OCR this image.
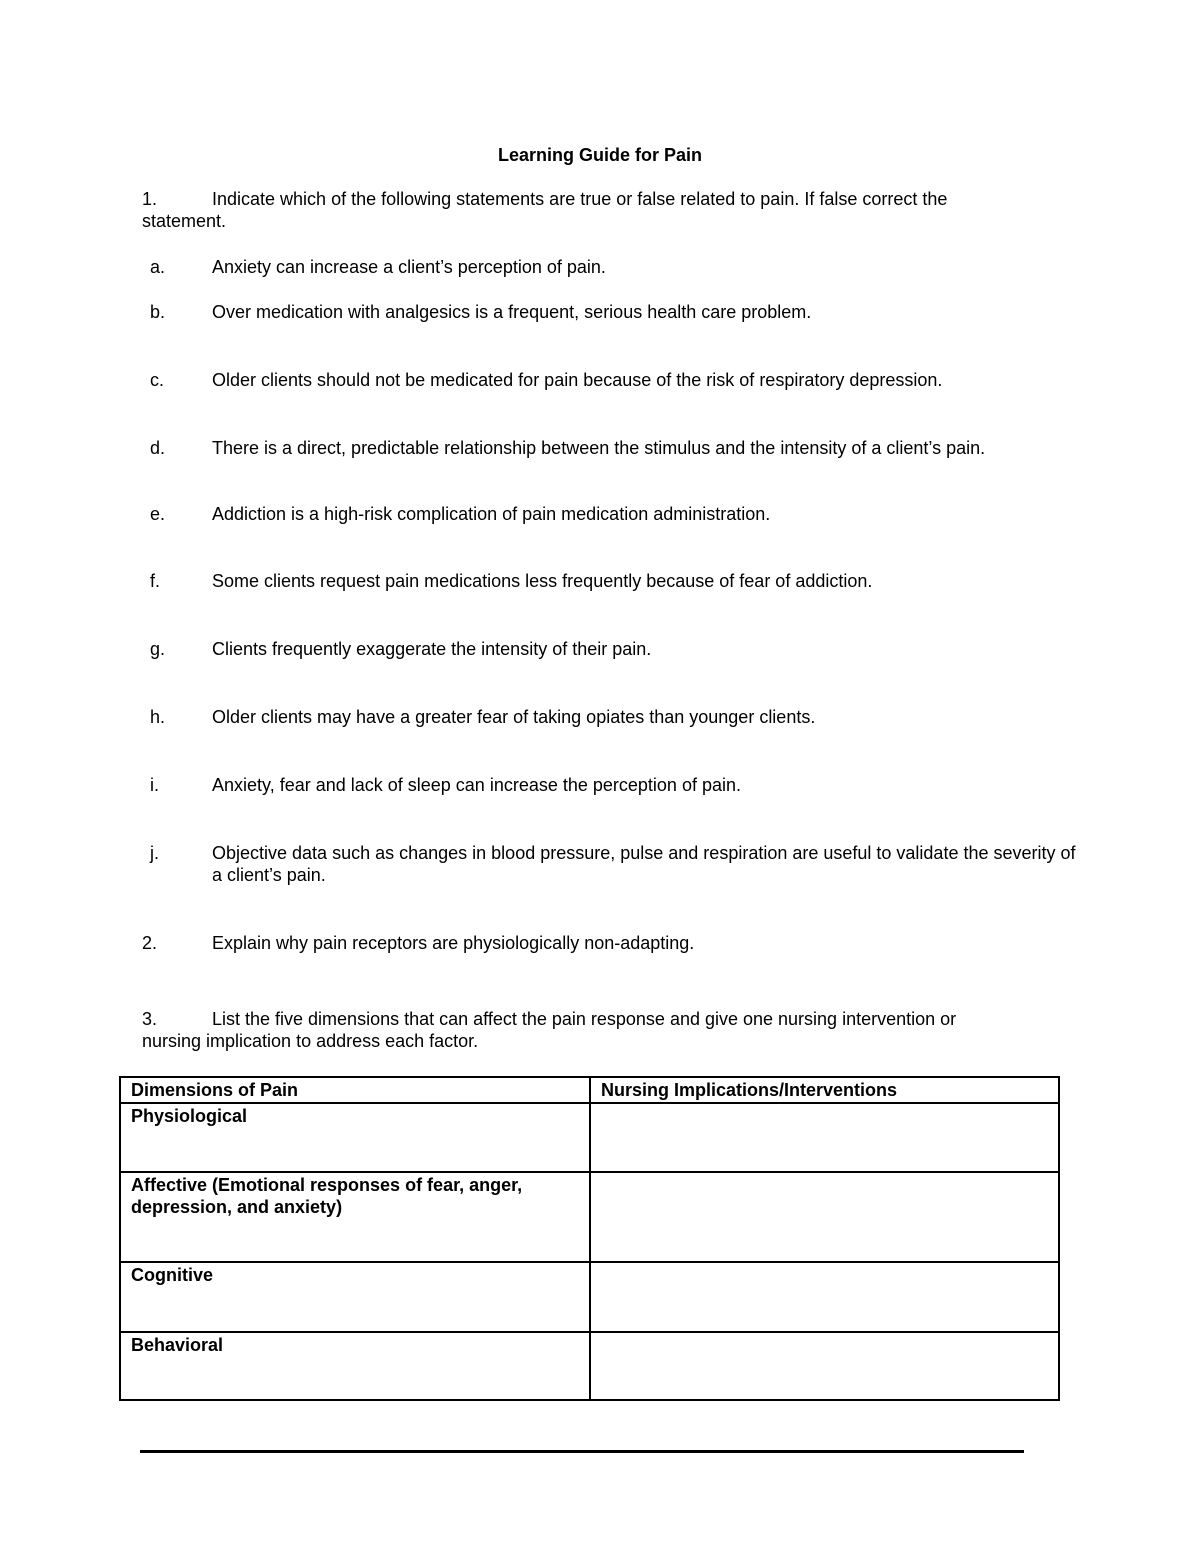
Learning Guide for Pain
1.	Indicate which of the following statements are true or false related to pain. If false correct the
statement.
a.	Anxiety can increase a client’s perception of pain.
b.	Over medication with analgesics is a frequent, serious health care problem.
c.	Older clients should not be medicated for pain because of the risk of respiratory depression.
d.	There is a direct, predictable relationship between the stimulus and the intensity of a client’s pain.
e.	Addiction is a high-risk complication of pain medication administration.
f.	Some clients request pain medications less frequently because of fear of addiction.
g.	Clients frequently exaggerate the intensity of their pain.
h.	Older clients may have a greater fear of taking opiates than younger clients.
i.	Anxiety, fear and lack of sleep can increase the perception of pain.
j.	Objective data such as changes in blood pressure, pulse and respiration are useful to validate the severity of a client’s pain.
2.	Explain why pain receptors are physiologically non-adapting.
3.	List the five dimensions that can affect the pain response and give one nursing intervention or
nursing implication to address each factor.
Dimensions of Pain	Nursing Implications/Interventions
Physiological	
Affective (Emotional responses of fear, anger, depression, and anxiety)	
Cognitive	
Behavioral	
